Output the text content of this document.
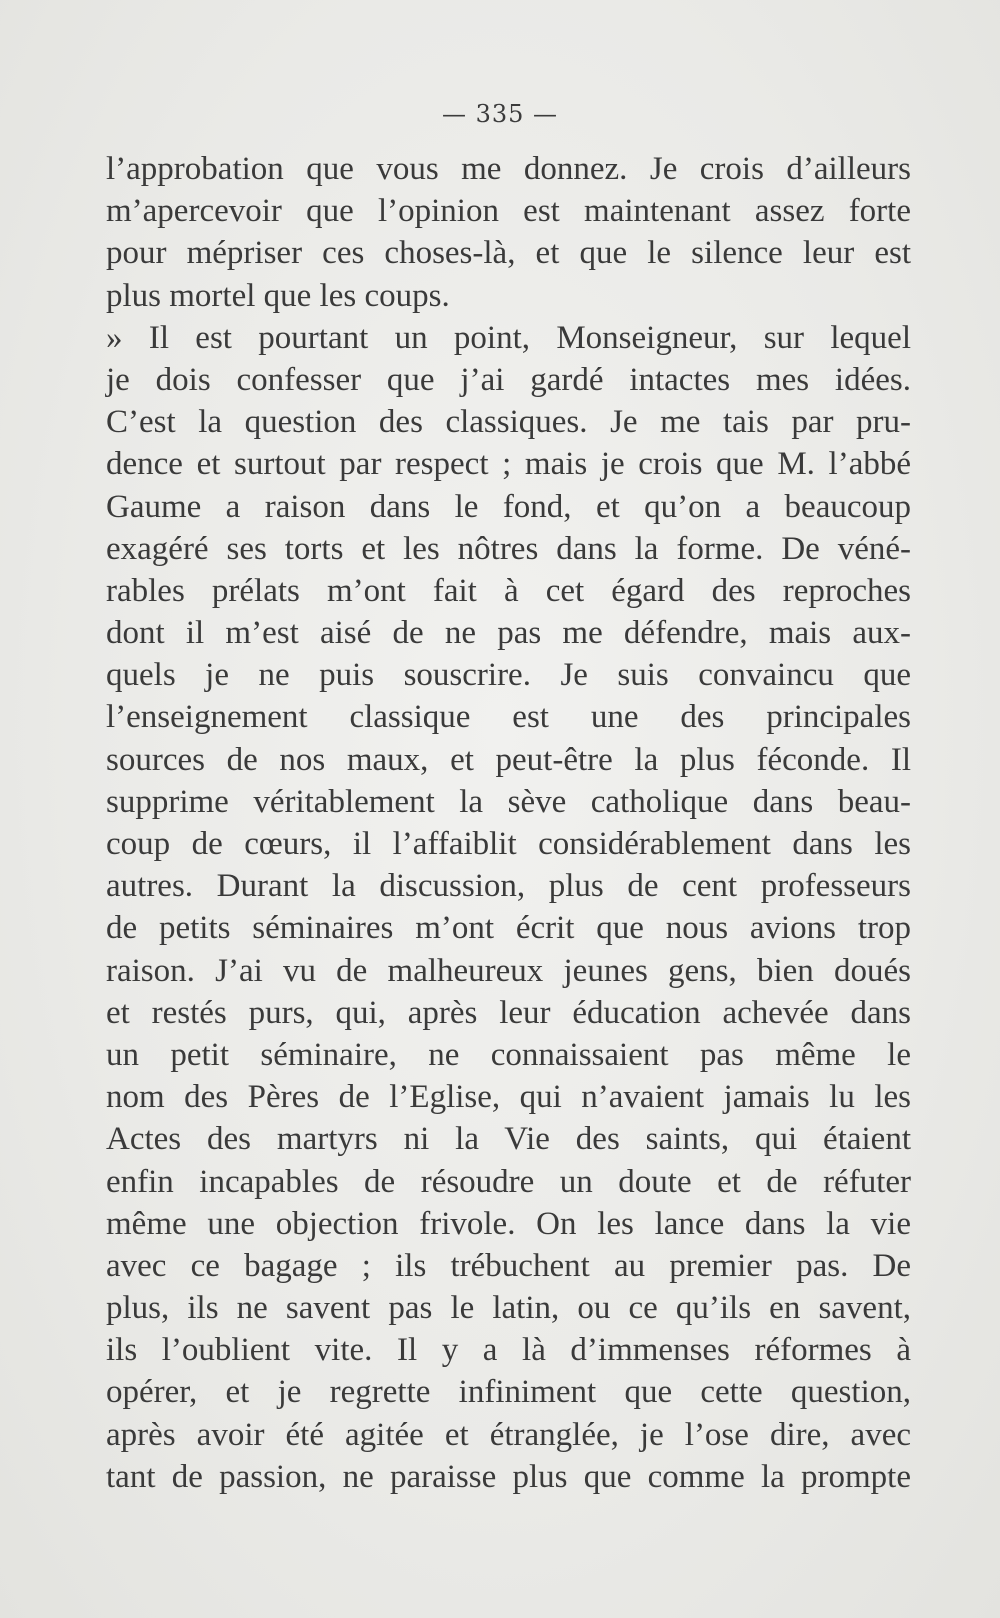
— 335 —
l’approbation que vous me donnez. Je crois d’ailleurs
m’apercevoir que l’opinion est maintenant assez forte
pour mépriser ces choses-là, et que le silence leur est
plus mortel que les coups.
» Il est pourtant un point, Monseigneur, sur lequel
je dois confesser que j’ai gardé intactes mes idées.
C’est la question des classiques. Je me tais par pru-
dence et surtout par respect ; mais je crois que M. l’abbé
Gaume a raison dans le fond, et qu’on a beaucoup
exagéré ses torts et les nôtres dans la forme. De véné-
rables prélats m’ont fait à cet égard des reproches
dont il m’est aisé de ne pas me défendre, mais aux-
quels je ne puis souscrire. Je suis convaincu que
l’enseignement classique est une des principales
sources de nos maux, et peut-être la plus féconde. Il
supprime véritablement la sève catholique dans beau-
coup de cœurs, il l’affaiblit considérablement dans les
autres. Durant la discussion, plus de cent professeurs
de petits séminaires m’ont écrit que nous avions trop
raison. J’ai vu de malheureux jeunes gens, bien doués
et restés purs, qui, après leur éducation achevée dans
un petit séminaire, ne connaissaient pas même le
nom des Pères de l’Eglise, qui n’avaient jamais lu les
Actes des martyrs ni la Vie des saints, qui étaient
enfin incapables de résoudre un doute et de réfuter
même une objection frivole. On les lance dans la vie
avec ce bagage ; ils trébuchent au premier pas. De
plus, ils ne savent pas le latin, ou ce qu’ils en savent,
ils l’oublient vite. Il y a là d’immenses réformes à
opérer, et je regrette infiniment que cette question,
après avoir été agitée et étranglée, je l’ose dire, avec
tant de passion, ne paraisse plus que comme la prompte
